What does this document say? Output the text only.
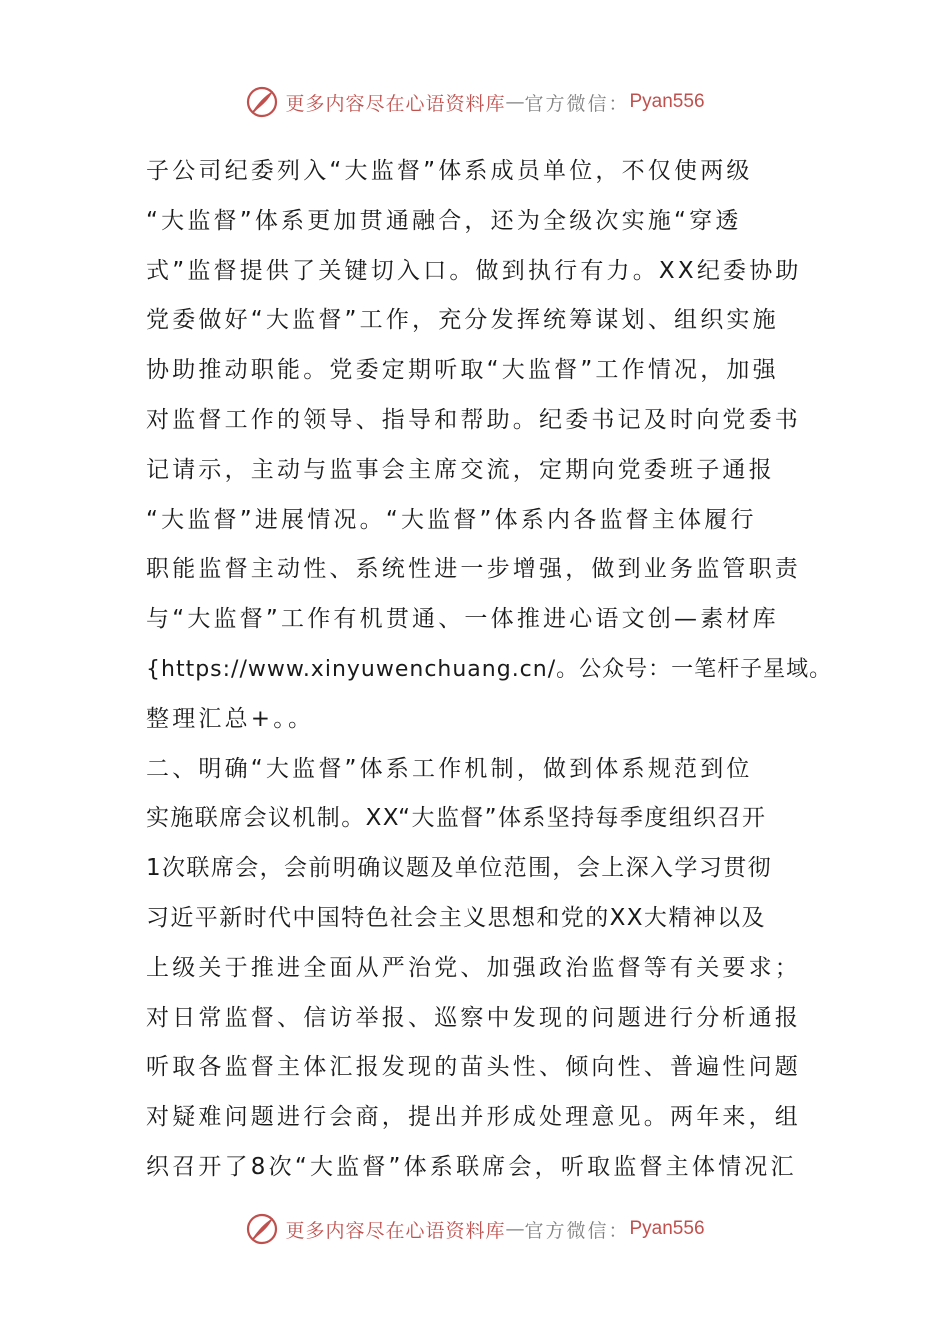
更多内容尽在心语资料库 — 官方微信： Pyan556
子公司纪委列入“大监督”体系成员单位，不仅使两级
“大监督”体系更加贯通融合，还为全级次实施“穿透
式”监督提供了关键切入口。做到执行有力。XX纪委协助
党委做好“大监督”工作，充分发挥统筹谋划、组织实施
协助推动职能。党委定期听取“大监督”工作情况，加强
对监督工作的领导、指导和帮助。纪委书记及时向党委书
记请示，主动与监事会主席交流，定期向党委班子通报
“大监督”进展情况。“大监督”体系内各监督主体履行
职能监督主动性、系统性进一步增强，做到业务监管职责
与“大监督”工作有机贯通、一体推进心语文创—素材库
{https://www.xinyuwenchuang.cn/。公众号：一笔杆子星域。
整理汇总+。。
二、明确“大监督”体系工作机制，做到体系规范到位
实施联席会议机制。XX“大监督”体系坚持每季度组织召开
1次联席会，会前明确议题及单位范围，会上深入学习贯彻
习近平新时代中国特色社会主义思想和党的XX大精神以及
上级关于推进全面从严治党、加强政治监督等有关要求；
对日常监督、信访举报、巡察中发现的问题进行分析通报
听取各监督主体汇报发现的苗头性、倾向性、普遍性问题
对疑难问题进行会商，提出并形成处理意见。两年来，组
织召开了8次“大监督”体系联席会，听取监督主体情况汇
更多内容尽在心语资料库 — 官方微信： Pyan556
